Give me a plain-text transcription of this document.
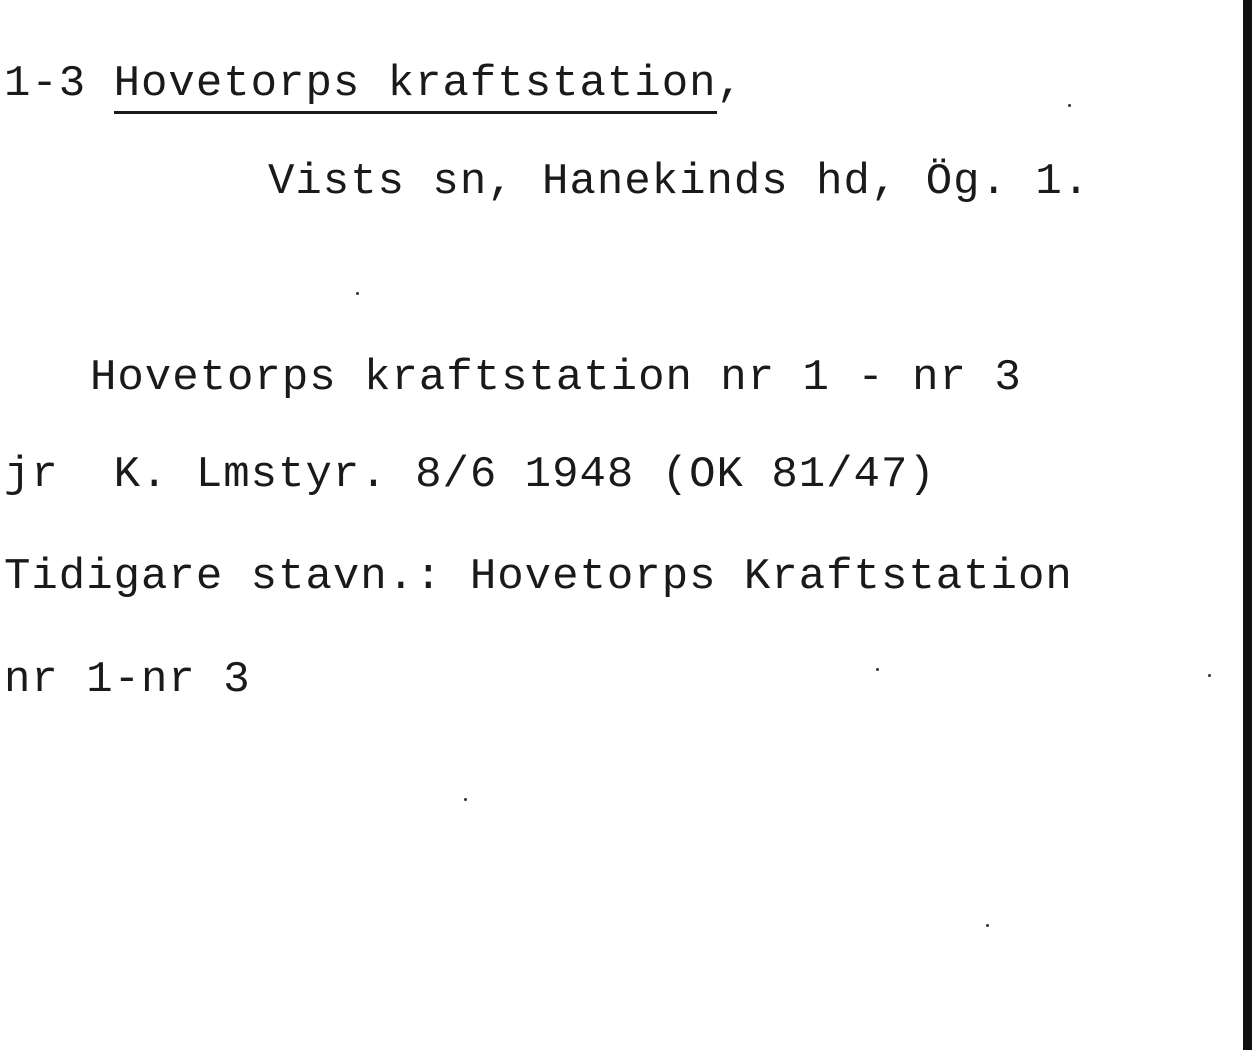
1-3 Hovetorps kraftstation,
Vists sn, Hanekinds hd, Ög. 1.
Hovetorps kraftstation nr 1 - nr 3
jr  K. Lmstyr. 8/6 1948 (OK 81/47)
Tidigare stavn.: Hovetorps Kraftstation
nr 1-nr 3
